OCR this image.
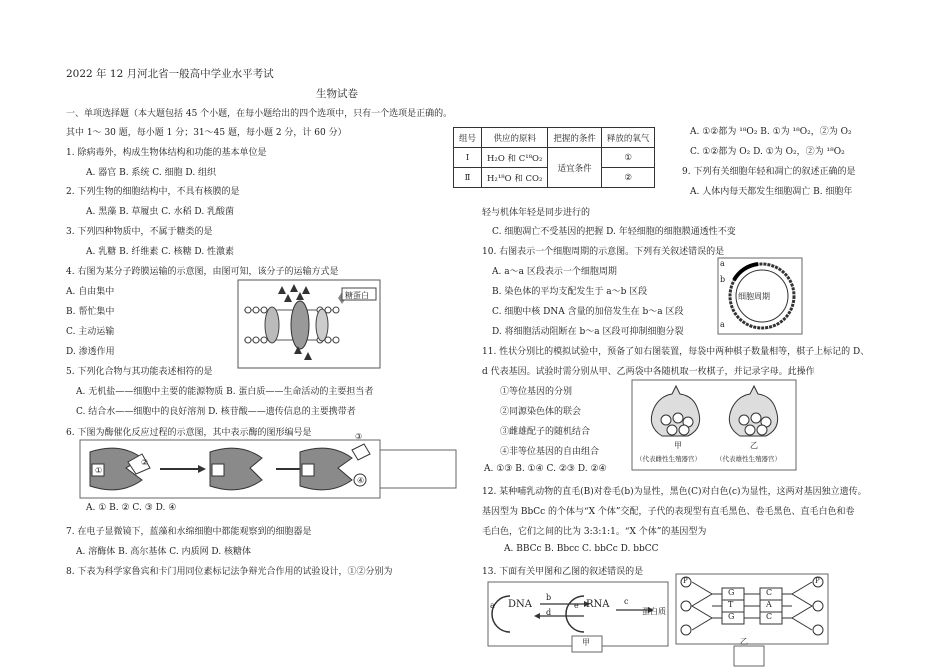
2022 年 12 月河北省一般高中学业水平考试
生物试卷
一、单项选择题（本大题包括 45 个小题，在每小题给出的四个选项中，只有一个选项是正确的。
其中 1～ 30 题，每小题 1 分；31～45 题，每小题 2 分，计 60 分）
1. 除病毒外，构成生物体结构和功能的基本单位是
A. 器官 B. 系统 C. 细胞 D. 组织
2. 下列生物的细胞结构中，不具有核膜的是
A. 黑藻 B. 草履虫 C. 水稻 D. 乳酸菌
3. 下列四种物质中，不属于糖类的是
A. 乳糖 B. 纤维素 C. 核糖 D. 性激素
4. 右图为某分子跨膜运输的示意图，由图可知，该分子的运输方式是
A. 自由集中
B. 帮忙集中
C. 主动运输
D. 渗透作用
糖蛋白
5. 下列化合物与其功能表述相符的是
A. 无机盐——细胞中主要的能源物质 B. 蛋白质——生命活动的主要担当者
C. 结合水——细胞中的良好溶剂 D. 核苷酸——遗传信息的主要携带者
6. 下图为酶催化反应过程的示意图，其中表示酶的图形编号是
①
②
③
④
A. ① B. ② C. ③ D. ④
7. 在电子显微镜下，蓝藻和水绵细胞中都能观察到的细胞器是
A. 溶酶体 B. 高尔基体 C. 内质网 D. 核糖体
8. 下表为科学家鲁宾和卡门用同位素标记法争辩光合作用的试验设计，①②分别为
组号	供应的原料	把握的条件	释放的氧气
Ⅰ	H₂O 和 C¹⁸O₂	适宜条件	①
Ⅱ	H₂¹⁸O 和 CO₂		②
A. ①②都为 ¹⁸O₂ B. ①为 ¹⁸O₂，②为 O₂
C. ①②都为 O₂ D. ①为 O₂，②为 ¹⁸O₂
9. 下列有关细胞年轻和凋亡的叙述正确的是
A. 人体内每天都发生细胞凋亡 B. 细胞年
轻与机体年轻是同步进行的
C. 细胞凋亡不受基因的把握 D. 年轻细胞的细胞膜通透性不变
10. 右图表示一个细胞周期的示意图。下列有关叙述错误的是
A. a～a 区段表示一个细胞周期
B. 染色体的平均支配发生于 a～b 区段
C. 细胞中核 DNA 含量的加倍发生在 b～a 区段
D. 将细胞活动阻断在 b～a 区段可抑制细胞分裂
细胞周期
a
b
a
11. 性状分别比的模拟试验中，预备了如右图装置，每袋中两种棋子数量相等，棋子上标记的 D、
d 代表基因。试验时需分别从甲、乙两袋中各随机取一枚棋子，并记录字母。此操作
①等位基因的分别
②同源染色体的联会
③雌雄配子的随机结合
④非等位基因的自由组合
甲
（代表雌性生殖器官）
乙
（代表雄性生殖器官）
A. ①③ B. ①④ C. ②③ D. ②④
12. 某种哺乳动物的直毛(B)对卷毛(b)为显性，黑色(C)对白色(c)为显性，这两对基因独立遗传。
基因型为 BbCc 的个体与“X 个体”交配，子代的表现型有直毛黑色、卷毛黑色、直毛白色和卷
毛白色，它们之间的比为 3:3:1:1。“X 个体”的基因型为
A. BBCc B. Bbcc C. bbCc D. bbCC
13. 下面有关甲图和乙图的叙述错误的是
a DNA
b
d
e RNA c
蛋白质
甲
G	C
T	A
G	C
P	P
乙
